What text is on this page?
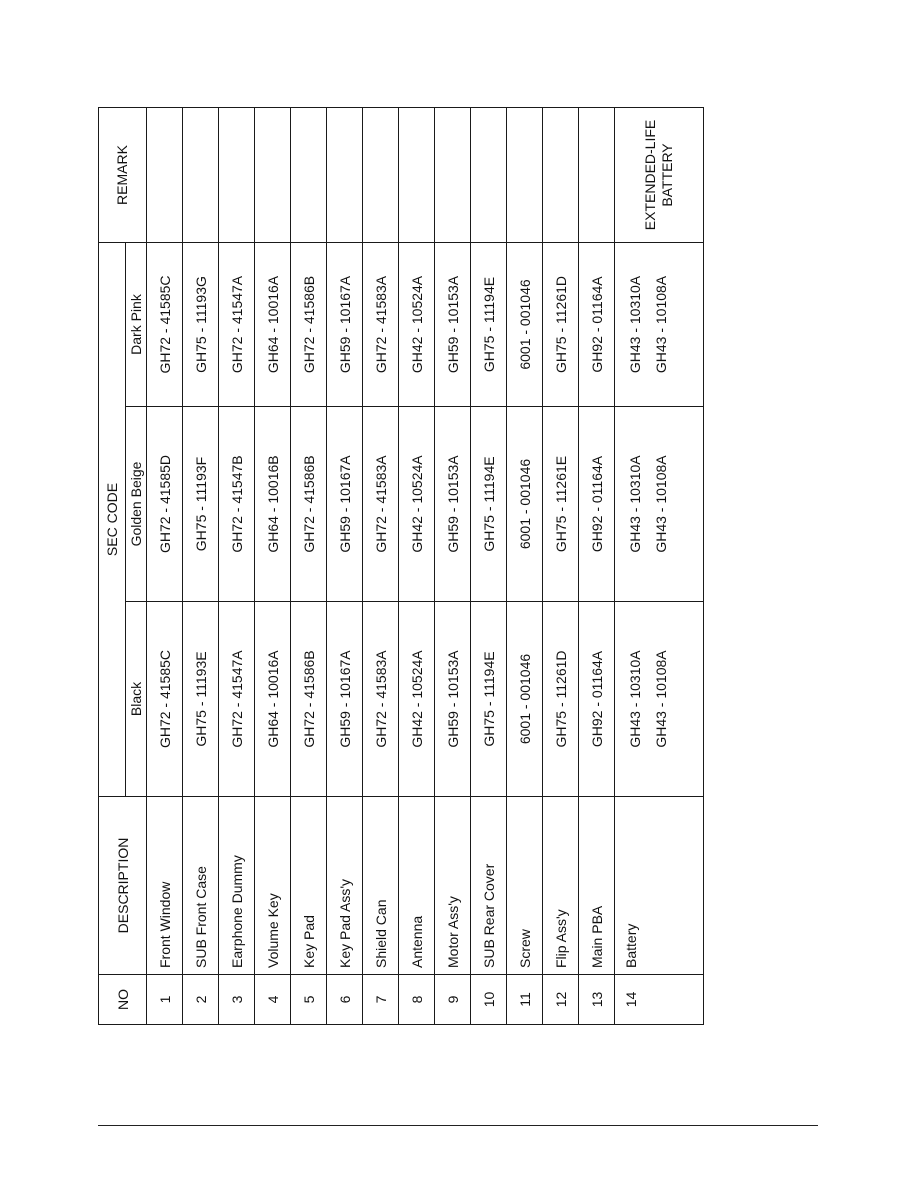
NO	DESCRIPTION	SEC CODE			REMARK
		Black	Golden Beige	Dark Pink	
1	Front Window	GH72 - 41585C	GH72 - 41585D	GH72 - 41585C	
2	SUB Front Case	GH75 - 11193E	GH75 - 11193F	GH75 - 11193G	
3	Earphone Dummy	GH72 - 41547A	GH72 - 41547B	GH72 - 41547A	
4	Volume Key	GH64 - 10016A	GH64 - 10016B	GH64 - 10016A	
5	Key Pad	GH72 - 41586B	GH72 - 41586B	GH72 - 41586B	
6	Key Pad Ass'y	GH59 - 10167A	GH59 - 10167A	GH59 - 10167A	
7	Shield Can	GH72 - 41583A	GH72 - 41583A	GH72 - 41583A	
8	Antenna	GH42 - 10524A	GH42 - 10524A	GH42 - 10524A	
9	Motor Ass'y	GH59 - 10153A	GH59 - 10153A	GH59 - 10153A	
10	SUB Rear Cover	GH75 - 11194E	GH75 - 11194E	GH75 - 11194E	
11	Screw	6001 - 001046	6001 - 001046	6001 - 001046	
12	Flip Ass'y	GH75 - 11261D	GH75 - 11261E	GH75 - 11261D	
13	Main PBA	GH92 - 01164A	GH92 - 01164A	GH92 - 01164A	
14	Battery	GH43 - 10310A GH43 - 10108A	GH43 - 10310A GH43 - 10108A	GH43 - 10310A GH43 - 10108A	EXTENDED-LIFE BATTERY
